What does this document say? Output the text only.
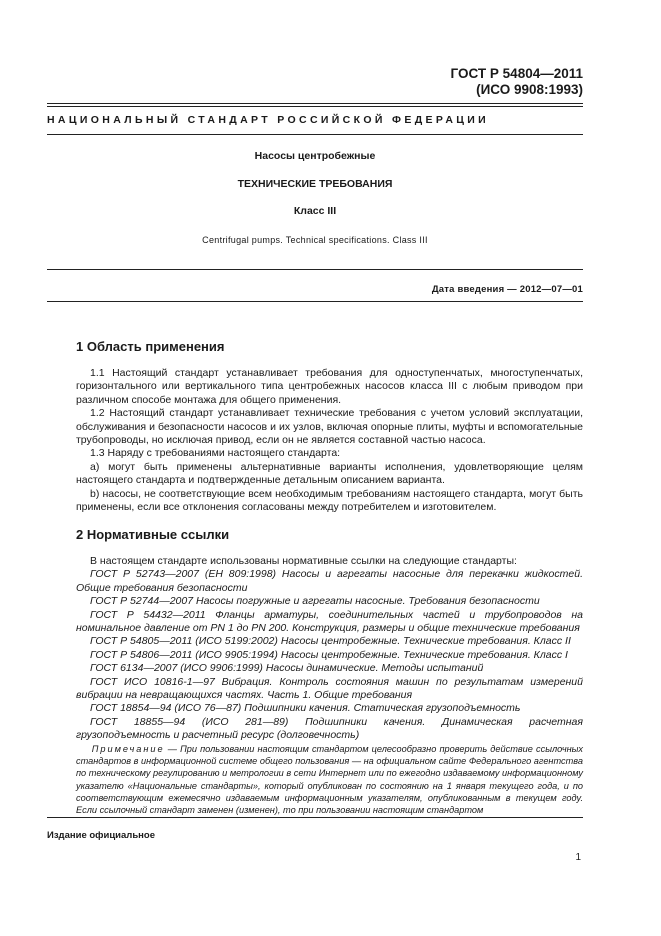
ГОСТ Р 54804—2011
(ИСО 9908:1993)
НАЦИОНАЛЬНЫЙ СТАНДАРТ РОССИЙСКОЙ ФЕДЕРАЦИИ
Насосы центробежные
ТЕХНИЧЕСКИЕ ТРЕБОВАНИЯ
Класс III
Centrifugal pumps. Technical specifications. Class III
Дата введения — 2012—07—01
1 Область применения

1.1 Настоящий стандарт устанавливает требования для одноступенчатых, многоступенчатых, горизонтального или вертикального типа центробежных насосов класса III с любым приводом при различном способе монтажа для общего применения.

1.2 Настоящий стандарт устанавливает технические требования с учетом условий эксплуатации, обслуживания и безопасности насосов и их узлов, включая опорные плиты, муфты и вспомогательные трубопроводы, но исключая привод, если он не является составной частью насоса.

1.3 Наряду с требованиями настоящего стандарта:

a) могут быть применены альтернативные варианты исполнения, удовлетворяющие целям настоящего стандарта и подтвержденные детальным описанием варианта.

b) насосы, не соответствующие всем необходимым требованиям настоящего стандарта, могут быть применены, если все отклонения согласованы между потребителем и изготовителем.

2 Нормативные ссылки

В настоящем стандарте использованы нормативные ссылки на следующие стандарты:

ГОСТ Р 52743—2007 (ЕН 809:1998) Насосы и агрегаты насосные для перекачки жидкостей. Общие требования безопасности

ГОСТ Р 52744—2007 Насосы погружные и агрегаты насосные. Требования безопасности

ГОСТ Р 54432—2011 Фланцы арматуры, соединительных частей и трубопроводов на номинальное давление от PN 1 до PN 200. Конструкция, размеры и общие технические требования

ГОСТ Р 54805—2011 (ИСО 5199:2002) Насосы центробежные. Технические требования. Класс II

ГОСТ Р 54806—2011 (ИСО 9905:1994) Насосы центробежные. Технические требования. Класс I

ГОСТ 6134—2007 (ИСО 9906:1999) Насосы динамические. Методы испытаний

ГОСТ ИСО 10816-1—97 Вибрация. Контроль состояния машин по результатам измерений вибрации на невращающихся частях. Часть 1. Общие требования

ГОСТ 18854—94 (ИСО 76—87) Подшипники качения. Статическая грузоподъемность

ГОСТ 18855—94 (ИСО 281—89) Подшипники качения. Динамическая расчетная грузоподъемность и расчетный ресурс (долговечность)

Примечание — При пользовании настоящим стандартом целесообразно проверить действие ссылочных стандартов в информационной системе общего пользования — на официальном сайте Федерального агентства по техническому регулированию и метрологии в сети Интернет или по ежегодно издаваемому информационному указателю «Национальные стандарты», который опубликован по состоянию на 1 января текущего года, и по соответствующим ежемесячно издаваемым информационным указателям, опубликованным в текущем году. Если ссылочный стандарт заменен (изменен), то при пользовании настоящим стандартом
Издание официальное
1
